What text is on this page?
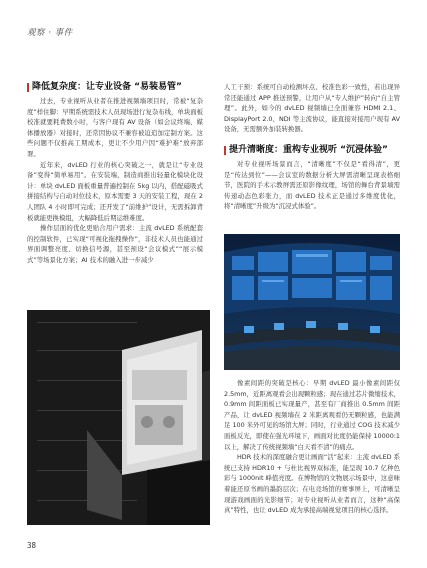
观察 · 事件
降低复杂度：让专业设备 “易装易管”

过去，专业视听从业者在推进视频墙项目时，常被“复杂度”样住脚：早期系统需技术人员现场进行复杂布线，单块面板校准就要耗费数小时，与客户现有 AV 设备（如会议终端、媒体播放器）对接时，还常因协议不兼容被迫追加定制方案。这些问题不仅推高工期成本，更让不少用户因“难护难”放弃部署。

近年来，dvLED 行业的核心突破之一，就是让“专业设备”变得“简单易用”。在安装端，制造商推出轻量化模块化设计：单块 dvLED 面板重量普遍控制在 5kg 以内，搭配磁吸式拼接结构与自动对位技术，原本需要 3 天的安装工程，现在 2 人团队 4 小时即可完成；还开发了“前维护”设计，无需拆卸背板就能更换模组，大幅降低后期运维难度。

操作层面的优化更贴合用户需求：主流 dvLED 系统配套的控制软件，已实现“可视化拖拽操作”，非技术人员也能通过界面调整亮度、切换信号源，甚至预设“会议模式”“展示模式”等场景化方案；AI 技术的融入进一步减少

人工干预：系统可自动检测坏点、校准色彩一致性，若出现异常还能通过 APP 推送预警，让用户从“专人维护”转向“自主管理”。此外，如今的 dvLED 视频墙已全面兼容 HDMI 2.1、DisplayPort 2.0、NDI 等主流协议，能直接对接用户现有 AV 设备，无需额外加装转换器。

提升清晰度：重构专业视听 “沉浸体验”

对专业视听场景而言，“清晰度”不仅是“看得清”，更是“传达到位”——会议室的数据分析大屏需清晰呈现表格细节，医院的手术示教屏需还原影像纹理，场馆的舞台背景墙需传递动态色彩张力，而 dvLED 技术正是通过多维度优化，将“清晰度”升级为“沉浸式体验”。

像素间距的突破是核心：早期 dvLED 最小像素间距仅 2.5mm，近距离观看会出现颗粒感；现在通过芯片微缩技术，0.9mm 间距面板已实现量产，甚至有厂商推出 0.5mm 间距产品，让 dvLED 视频墙在 2 米距离观看仍无颗粒感，也能满足 100 米外可见的场馆大屏；同时，行业通过 COG 技术减少面板反光，即使在强光环境下，画面对比度仍能保持 10000:1 以上，解决了传统视频墙“白天看不清”的痛点。

HDR 技术的深度融合更让画面“活”起来：主流 dvLED 系统已支持 HDR10 + 与杜比视界双标准，能呈现 10.7 亿种色彩与 1000nit 峰值亮度。在博物馆的文物展示场景中，这意味着能还原书画的墨韵层次；在电竞场馆的赛事屏上，可清晰呈现游戏画面的光影细节；对专业视听从业者而言，这种“高保真”特性，也让 dvLED 成为承接高端视觉项目的核心选择。

38
